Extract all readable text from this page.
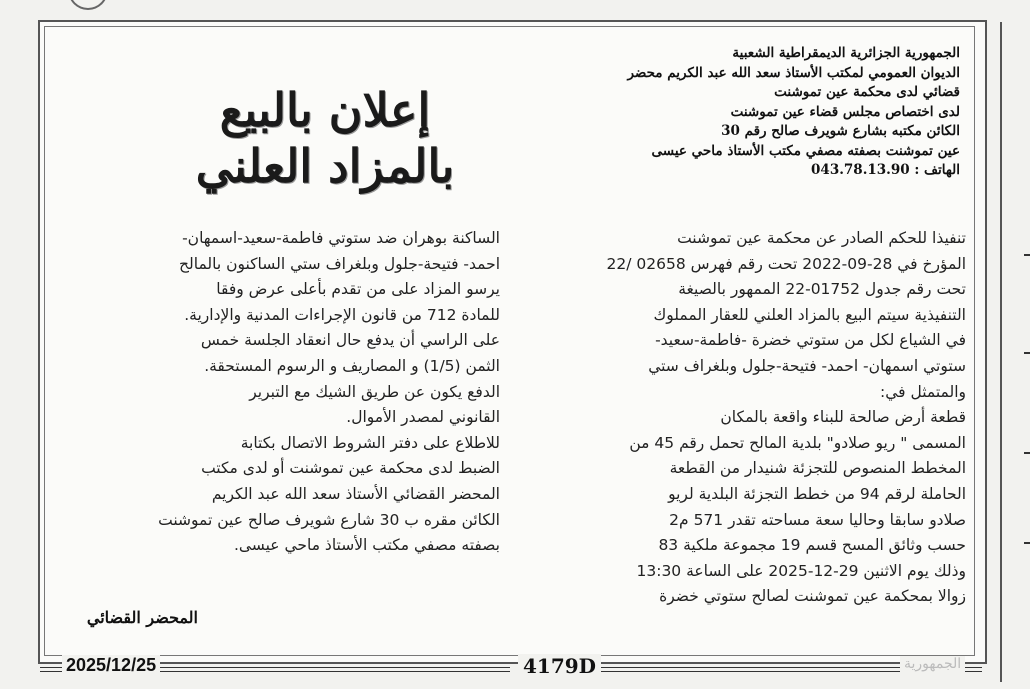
الجمهورية الجزائرية الديمقراطية الشعبية
الديوان العمومي لمكتب الأستاذ سعد الله عبد الكريم محضر
قضائي لدى محكمة عين تموشنت
لدى اختصاص مجلس قضاء عين تموشنت
الكائن مكتبه بشارع شويرف صالح رقم 30
عين تموشنت بصفته مصفي مكتب الأستاذ ماحي عيسى
الهاتف : 043.78.13.90
إعلان بالبيع
بالمزاد العلني
تنفيذا للحكم الصادر عن محكمة عين تموشنت
المؤرخ في 28-09-2022 تحت رقم فهرس 02658 /22
تحت رقم جدول 01752-22 الممهور بالصيغة
التنفيذية سيتم البيع بالمزاد العلني للعقار المملوك
في الشياع لكل من ستوتي خضرة -فاطمة-سعيد-
ستوتي اسمهان- احمد- فتيحة-جلول وبلغراف ستي
والمتمثل في:
قطعة أرض صالحة للبناء واقعة بالمكان
المسمى " ريو صلادو" بلدية المالح تحمل رقم 45 من
المخطط المنصوص للتجزئة شنيدار من القطعة
الحاملة لرقم 94 من خطط التجزئة البلدية لريو
صلادو سابقا وحاليا سعة مساحته تقدر 571 م2
حسب وثائق المسح قسم 19 مجموعة ملكية 83
وذلك يوم الاثنين 29-12-2025 على الساعة 13:30
زوالا بمحكمة عين تموشنت لصالح ستوتي خضرة
الساكنة بوهران ضد ستوتي فاطمة-سعيد-اسمهان-
احمد- فتيحة-جلول وبلغراف ستي الساكنون بالمالح
يرسو المزاد على من تقدم بأعلى عرض وفقا
للمادة 712 من قانون الإجراءات المدنية والإدارية.
على الراسي أن يدفع حال انعقاد الجلسة خمس
الثمن (1/5) و المصاريف و الرسوم المستحقة.
الدفع يكون عن طريق الشيك مع التبرير
القانوني لمصدر الأموال.
للاطلاع على دفتر الشروط الاتصال بكتابة
الضبط لدى محكمة عين تموشنت أو لدى مكتب
المحضر القضائي الأستاذ سعد الله عبد الكريم
الكائن مقره ب 30 شارع شويرف صالح عين تموشنت
بصفته مصفي مكتب الأستاذ ماحي عيسى.
المحضر القضائي
2025/12/25	4179D	الجمهورية
